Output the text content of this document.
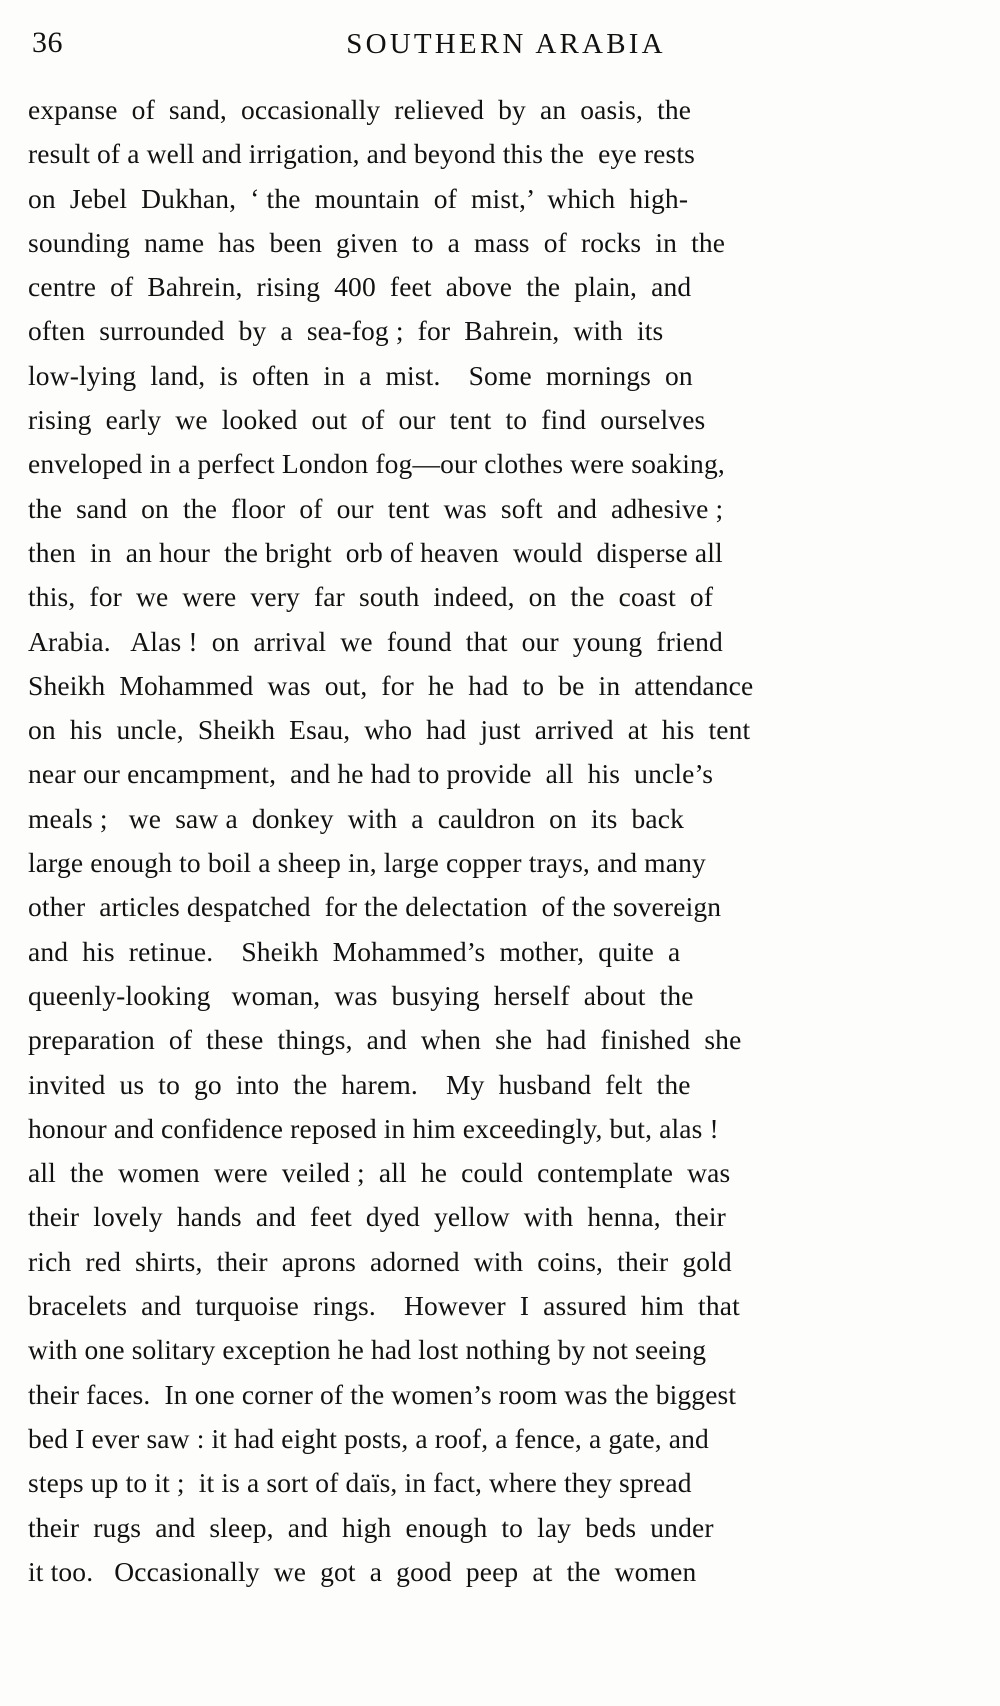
36	SOUTHERN ARABIA

expanse  of  sand,  occasionally  relieved  by  an  oasis,  the

result of a well and irrigation, and beyond this the  eye rests

on  Jebel  Dukhan,  ‘ the  mountain  of  mist,’  which  high-

sounding  name  has  been  given  to  a  mass  of  rocks  in  the

centre  of  Bahrein,  rising  400  feet  above  the  plain,  and

often  surrounded  by  a  sea-fog ;  for  Bahrein,  with  its

low-lying  land,  is  often  in  a  mist.    Some  mornings  on

rising  early  we  looked  out  of  our  tent  to  find  ourselves

enveloped in a perfect London fog—our clothes were soaking,

the  sand  on  the  floor  of  our  tent  was  soft  and  adhesive ;

then  in  an hour  the bright  orb of heaven  would  disperse all

this,  for  we  were  very  far  south  indeed,  on  the  coast  of

Arabia.   Alas !  on  arrival  we  found  that  our  young  friend

Sheikh  Mohammed  was  out,  for  he  had  to  be  in  attendance

on  his  uncle,  Sheikh  Esau,  who  had  just  arrived  at  his  tent

near our encampment,  and he had to provide  all  his  uncle’s

meals ;   we  saw a  donkey  with  a  cauldron  on  its  back

large enough to boil a sheep in, large copper trays, and many

other  articles despatched  for the delectation  of the sovereign

and  his  retinue.    Sheikh  Mohammed’s  mother,  quite  a

queenly-looking   woman,  was  busying  herself  about  the

preparation  of  these  things,  and  when  she  had  finished  she

invited  us  to  go  into  the  harem.    My  husband  felt  the

honour and confidence reposed in him exceedingly, but, alas !

all  the  women  were  veiled ;  all  he  could  contemplate  was

their  lovely  hands  and  feet  dyed  yellow  with  henna,  their

rich  red  shirts,  their  aprons  adorned  with  coins,  their  gold

bracelets  and  turquoise  rings.    However  I  assured  him  that

with one solitary exception he had lost nothing by not seeing

their faces.  In one corner of the women’s room was the biggest

bed I ever saw : it had eight posts, a roof, a fence, a gate, and

steps up to it ;  it is a sort of daïs, in fact, where they spread

their  rugs  and  sleep,  and  high  enough  to  lay  beds  under

it too.   Occasionally  we  got  a  good  peep  at  the  women
